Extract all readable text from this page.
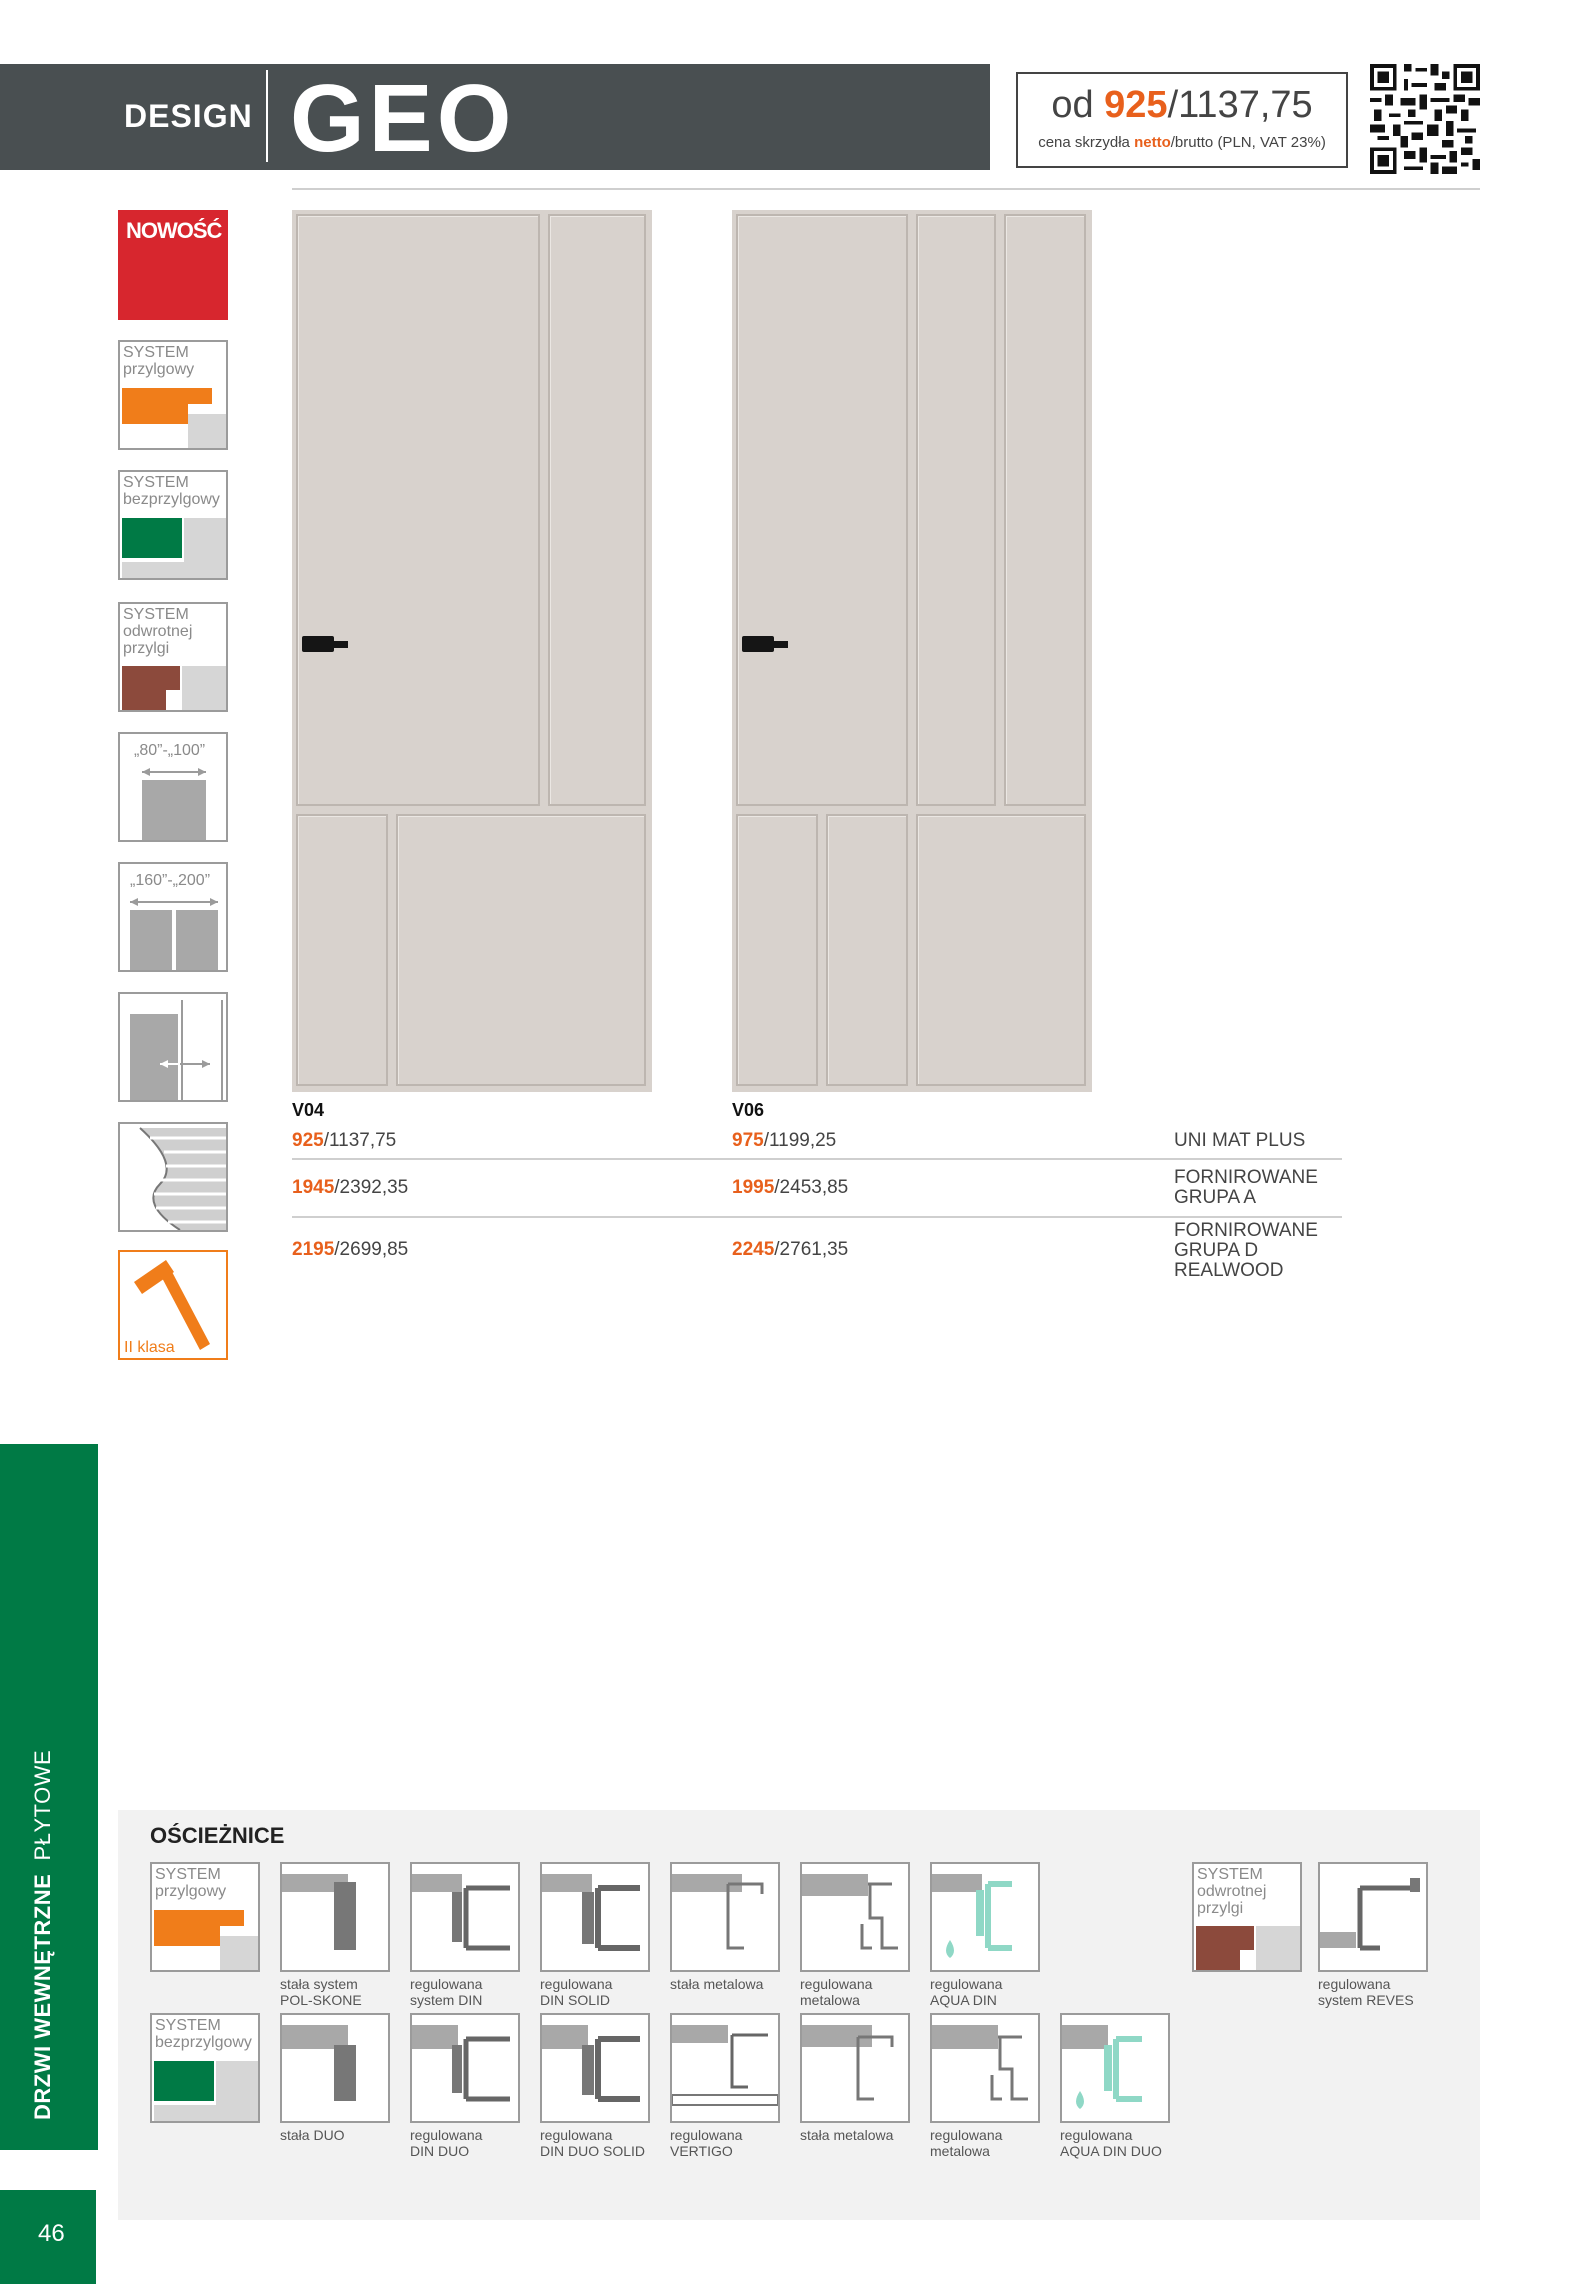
DESIGN GEO	od 925/1137,75
cena skrzydła netto/brutto (PLN, VAT 23%)
NOWOŚĆ
SYSTEM przylgowy
SYSTEM bezprzylgowy
SYSTEM odwrotnej przylgi
„80”-„100”
„160”-„200”
II klasa
V04	V06
925/1137,75	975/1199,25	UNI MAT PLUS
1945/2392,35	1995/2453,85	FORNIROWANE
GRUPA A
2195/2699,85	2245/2761,35
FORNIROWANE
GRUPA D
REALWOOD
DRZWI WEWNĘTRZNE  PŁYTOWE
46
OŚCIEŻNICE
SYSTEM przylgowy
SYSTEM odwrotnej przylgi
stała system
POL-SKONE
regulowana
system DIN
regulowana
DIN SOLID
stała metalowa	regulowana
metalowa
regulowana
AQUA DIN
regulowana
system REVES
SYSTEM bezprzylgowy
stała DUO	regulowana
DIN DUO
regulowana
DIN DUO SOLID
regulowana
VERTIGO
stała metalowa	regulowana
metalowa
regulowana
AQUA DIN DUO
